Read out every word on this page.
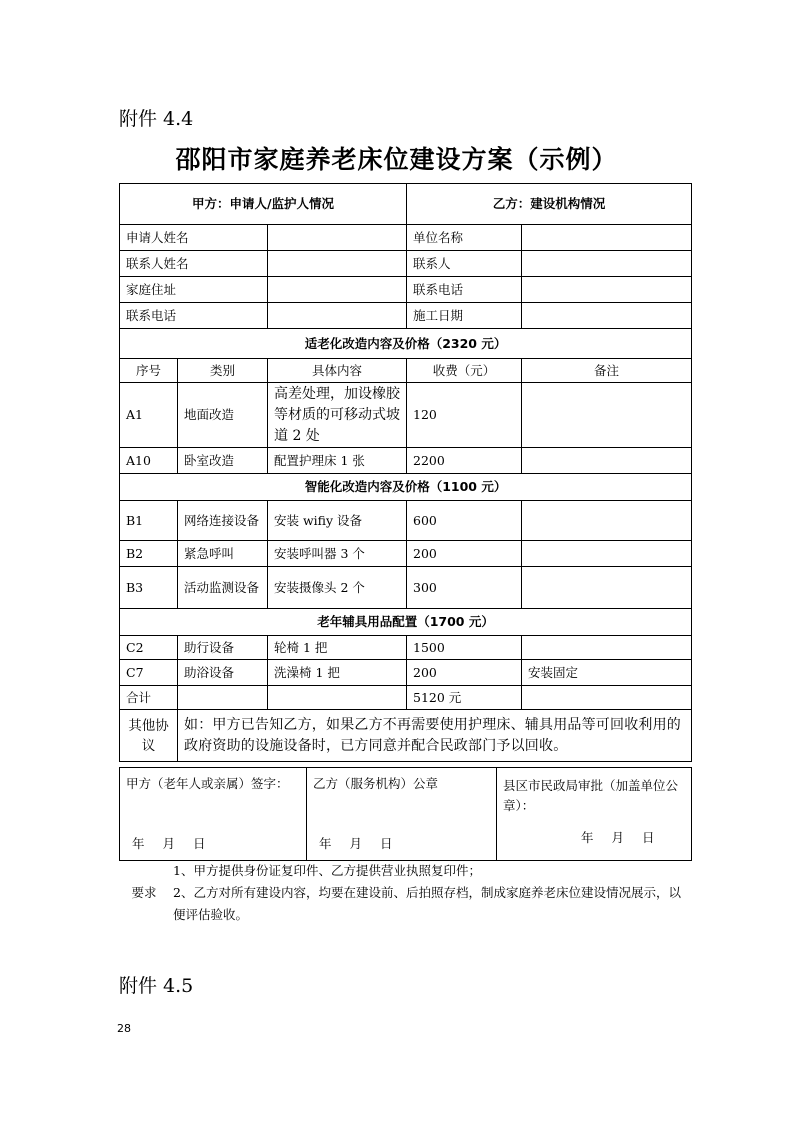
附件 4.4
邵阳市家庭养老床位建设方案（示例）
甲方：申请人/监护人情况			乙方：建设机构情况	
申请人姓名			单位名称	
联系人姓名			联系人	
家庭住址			联系电话	
联系电话			施工日期	
适老化改造内容及价格（2320 元）				
序号	类别	具体内容	收费（元）	备注
A1	地面改造	高差处理，加设橡胶等材质的可移动式坡道 2 处	120	
A10	卧室改造	配置护理床 1 张	2200	
智能化改造内容及价格（1100 元）				
B1	网络连接设备	安装 wifiy 设备	600	
B2	紧急呼叫	安装呼叫器 3 个	200	
B3	活动监测设备	安装摄像头 2 个	300	
老年辅具用品配置（1700 元）				
C2	助行设备	轮椅 1 把	1500	
C7	助浴设备	洗澡椅 1 把	200	安装固定
合计			5120 元	
其他协议	如：甲方已告知乙方，如果乙方不再需要使用护理床、辅具用品等可回收利用的政府资助的设施设备时，已方同意并配合民政部门予以回收。			
甲方（老年人或亲属）签字：
年 月 日
	乙方（服务机构）公章
年 月 日

县区市民政局审批（加盖单位公章）：
年 月 日
要求	
1、甲方提供身份证复印件、乙方提供营业执照复印件；
2、乙方对所有建设内容，均要在建设前、后拍照存档，制成家庭养老床位建设情况展示，以便评估验收。
附件 4.5
28
